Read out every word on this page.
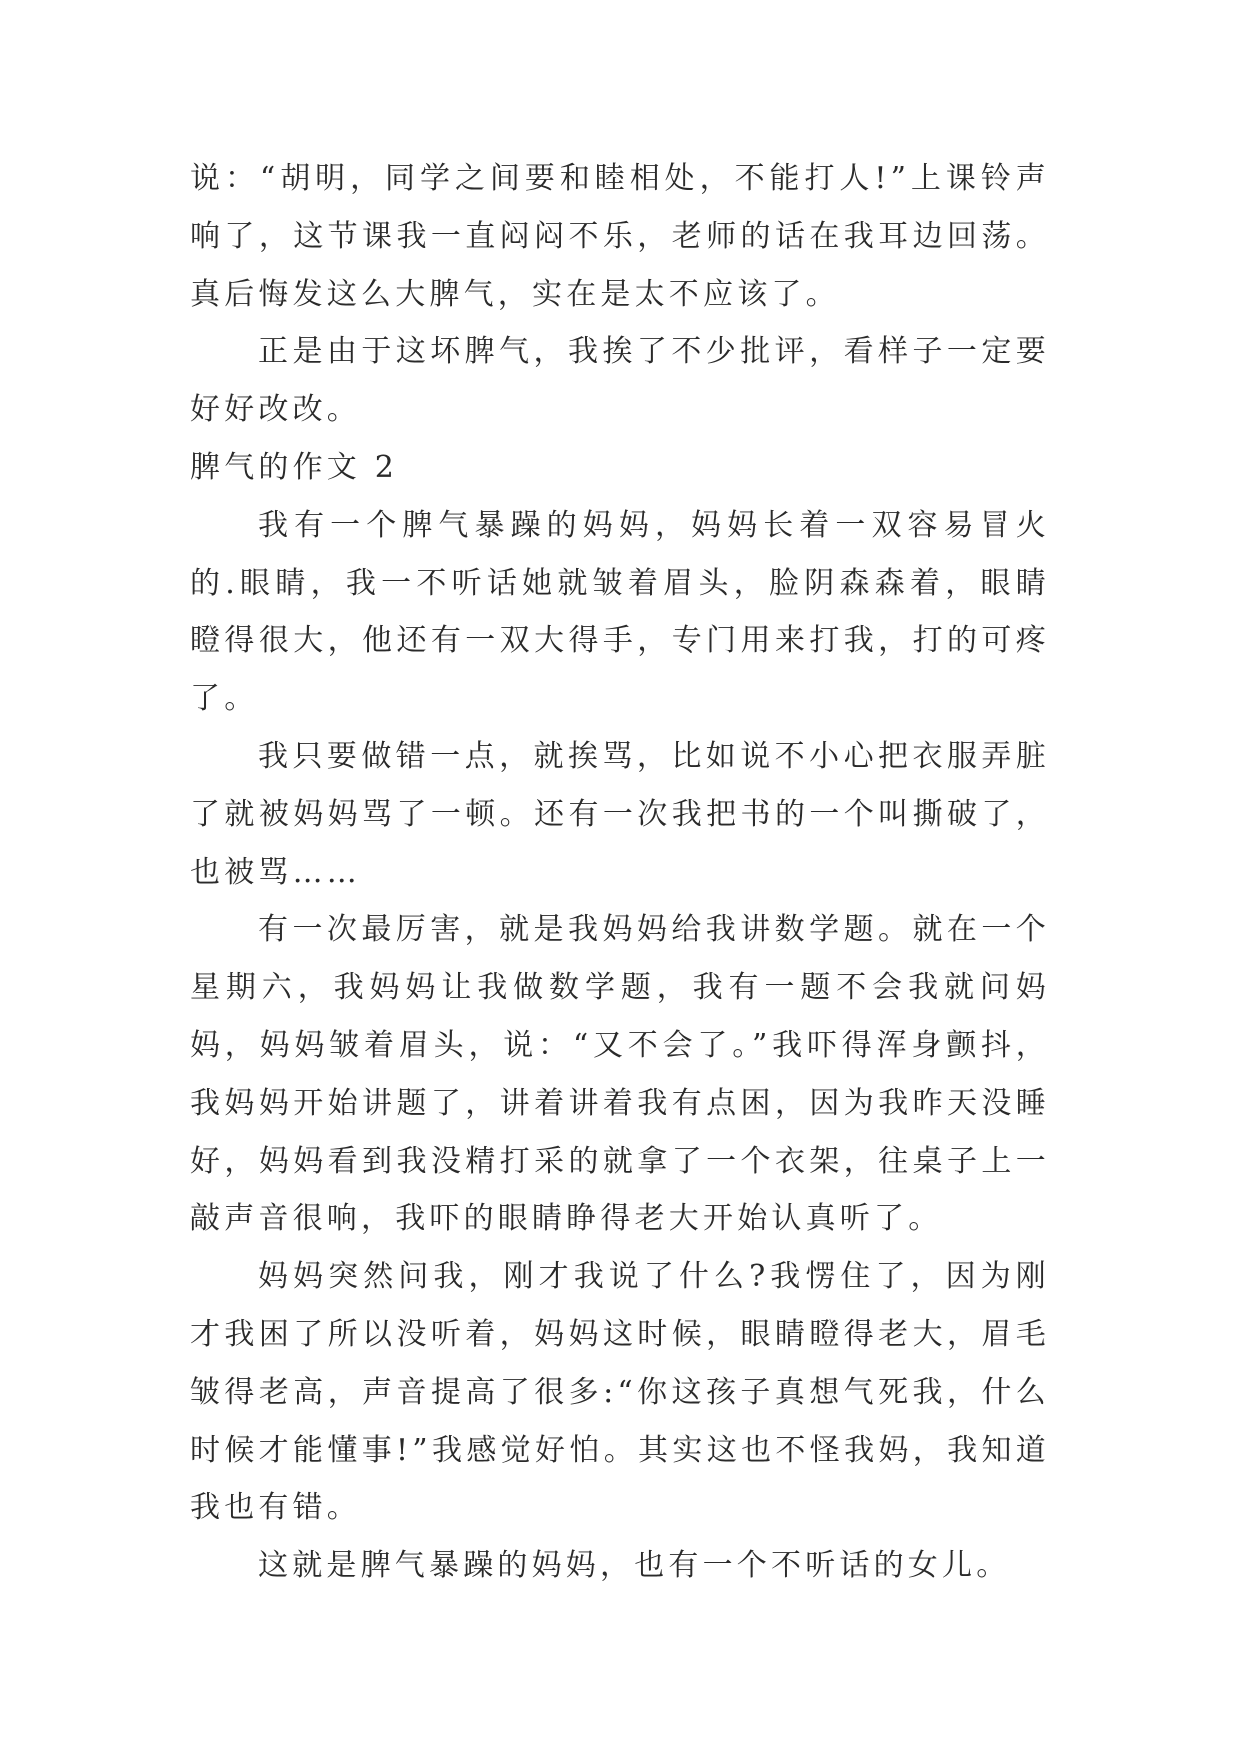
说：“胡明，同学之间要和睦相处，不能打人!”上课铃声响了，这节课我一直闷闷不乐，老师的话在我耳边回荡。真后悔发这么大脾气，实在是太不应该了。

正是由于这坏脾气，我挨了不少批评，看样子一定要好好改改。

脾气的作文 2

我有一个脾气暴躁的妈妈，妈妈长着一双容易冒火的.眼睛，我一不听话她就皱着眉头，脸阴森森着，眼睛瞪得很大，他还有一双大得手，专门用来打我，打的可疼了。

我只要做错一点，就挨骂，比如说不小心把衣服弄脏了就被妈妈骂了一顿。还有一次我把书的一个叫撕破了，也被骂……

有一次最厉害，就是我妈妈给我讲数学题。就在一个星期六，我妈妈让我做数学题，我有一题不会我就问妈妈，妈妈皱着眉头，说：“又不会了。”我吓得浑身颤抖，我妈妈开始讲题了，讲着讲着我有点困，因为我昨天没睡好，妈妈看到我没精打采的就拿了一个衣架，往桌子上一敲声音很响，我吓的眼睛睁得老大开始认真听了。

妈妈突然问我，刚才我说了什么?我愣住了，因为刚才我困了所以没听着，妈妈这时候，眼睛瞪得老大，眉毛皱得老高，声音提高了很多:“你这孩子真想气死我，什么时候才能懂事!”我感觉好怕。其实这也不怪我妈，我知道我也有错。

这就是脾气暴躁的妈妈，也有一个不听话的女儿。
